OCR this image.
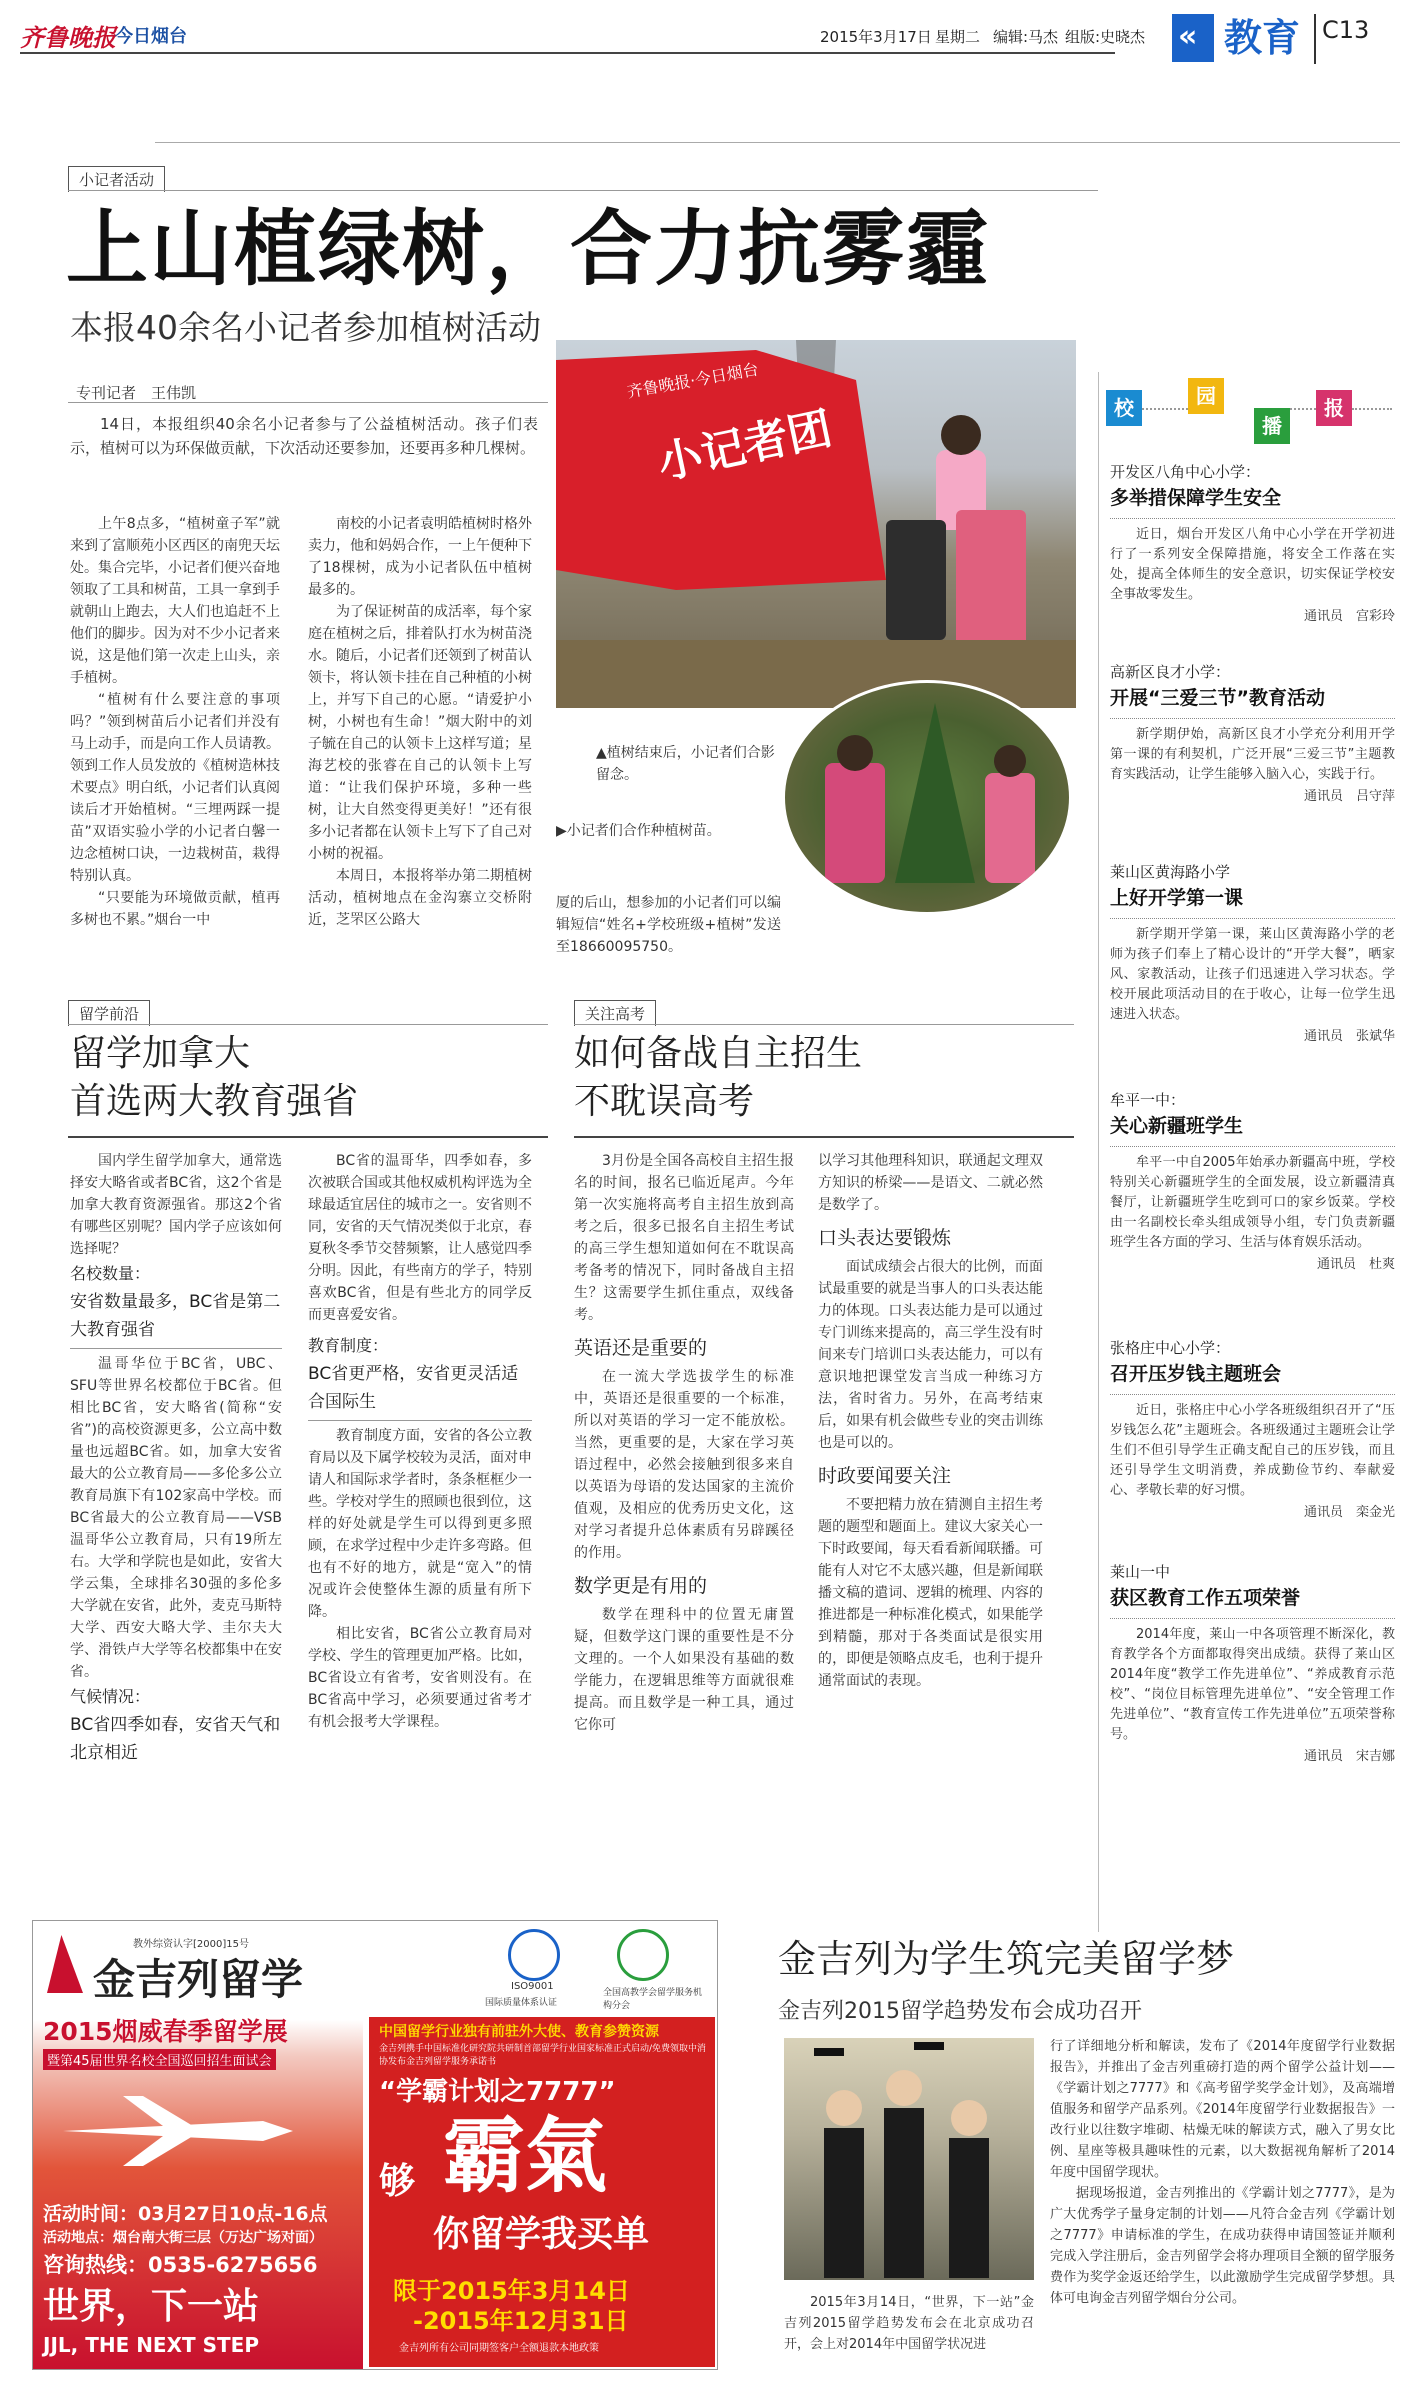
齐鲁晚报 今日烟台	2015年3月17日 星期二 编辑:马杰 组版:史晓杰 « 教育 C13
小记者活动
上山植绿树，合力抗雾霾
本报40余名小记者参加植树活动
专刊记者　王伟凯
14日，本报组织40余名小记者参与了公益植树活动。孩子们表示，植树可以为环保做贡献，下次活动还要参加，还要再多种几棵树。

上午8点多，“植树童子军”就来到了富顺苑小区西区的南兜天坛处。集合完毕，小记者们便兴奋地领取了工具和树苗，工具一拿到手就朝山上跑去，大人们也追赶不上他们的脚步。因为对不少小记者来说，这是他们第一次走上山头，亲手植树。

“植树有什么要注意的事项吗？”领到树苗后小记者们并没有马上动手，而是向工作人员请教。领到工作人员发放的《植树造林技术要点》明白纸，小记者们认真阅读后才开始植树。“三埋两踩一提苗”双语实验小学的小记者白馨一边念植树口诀，一边栽树苗，栽得特别认真。

“只要能为环境做贡献，植再多树也不累。”烟台一中

南校的小记者袁明皓植树时格外卖力，他和妈妈合作，一上午便种下了18棵树，成为小记者队伍中植树最多的。

为了保证树苗的成活率，每个家庭在植树之后，排着队打水为树苗浇水。随后，小记者们还领到了树苗认领卡，将认领卡挂在自己种植的小树上，并写下自己的心愿。“请爱护小树，小树也有生命！”烟大附中的刘子毓在自己的认领卡上这样写道；星海艺校的张睿在自己的认领卡上写道：“让我们保护环境，多种一些树，让大自然变得更美好！”还有很多小记者都在认领卡上写下了自己对小树的祝福。

本周日，本报将举办第二期植树活动，植树地点在金沟寨立交桥附近，芝罘区公路大

齐鲁晚报·今日烟台
小记者团
▲植树结束后，小记者们合影留念。
▶小记者们合作种植树苗。
厦的后山，想参加的小记者们可以编辑短信“姓名+学校班级+植树”发送至18660095750。
校	园
播
报
开发区八角中心小学：
多举措保障学生安全
近日，烟台开发区八角中心小学在开学初进行了一系列安全保障措施，将安全工作落在实处，提高全体师生的安全意识，切实保证学校安全事故零发生。
通讯员　宫彩玲
高新区良才小学：
开展“三爱三节”教育活动
新学期伊始，高新区良才小学充分利用开学第一课的有利契机，广泛开展“三爱三节”主题教育实践活动，让学生能够入脑入心，实践于行。
通讯员　吕守萍
莱山区黄海路小学
上好开学第一课
新学期开学第一课，莱山区黄海路小学的老师为孩子们奉上了精心设计的“开学大餐”，晒家风、家教活动，让孩子们迅速进入学习状态。学校开展此项活动目的在于收心，让每一位学生迅速进入状态。
通讯员　张斌华
牟平一中：
关心新疆班学生
牟平一中自2005年始承办新疆高中班，学校特别关心新疆班学生的全面发展，设立新疆清真餐厅，让新疆班学生吃到可口的家乡饭菜。学校由一名副校长牵头组成领导小组，专门负责新疆班学生各方面的学习、生活与体育娱乐活动。
通讯员　杜爽
张格庄中心小学：
召开压岁钱主题班会
近日，张格庄中心小学各班级组织召开了“压岁钱怎么花”主题班会。各班级通过主题班会让学生们不但引导学生正确支配自己的压岁钱，而且还引导学生文明消费，养成勤俭节约、奉献爱心、孝敬长辈的好习惯。
通讯员　栾金光
莱山一中
获区教育工作五项荣誉
2014年度，莱山一中各项管理不断深化，教育教学各个方面都取得突出成绩。获得了莱山区2014年度“教学工作先进单位”、“养成教育示范校”、“岗位目标管理先进单位”、“安全管理工作先进单位”、“教育宣传工作先进单位”五项荣誉称号。
通讯员　宋吉娜
留学前沿
留学加拿大
首选两大教育强省

国内学生留学加拿大，通常选择安大略省或者BC省，这2个省是加拿大教育资源强省。那这2个省有哪些区别呢？国内学子应该如何选择呢？

名校数量：
安省数量最多，BC省是第二大教育强省

温哥华位于BC省，UBC、SFU等世界名校都位于BC省。但相比BC省，安大略省(简称“安省”)的高校资源更多，公立高中数量也远超BC省。如，加拿大安省最大的公立教育局——多伦多公立教育局旗下有102家高中学校。而BC省最大的公立教育局——VSB温哥华公立教育局，只有19所左右。大学和学院也是如此，安省大学云集，全球排名30强的多伦多大学就在安省，此外，麦克马斯特大学、西安大略大学、圭尔夫大学、滑铁卢大学等名校都集中在安省。

气候情况：
BC省四季如春，安省天气和北京相近

BC省的温哥华，四季如春，多次被联合国或其他权威机构评选为全球最适宜居住的城市之一。安省则不同，安省的天气情况类似于北京，春夏秋冬季节交替频繁，让人感觉四季分明。因此，有些南方的学子，特别喜欢BC省，但是有些北方的同学反而更喜爱安省。

教育制度：
BC省更严格，安省更灵活适合国际生

教育制度方面，安省的各公立教育局以及下属学校较为灵活，面对申请人和国际求学者时，条条框框少一些。学校对学生的照顾也很到位，这样的好处就是学生可以得到更多照顾，在求学过程中少走许多弯路。但也有不好的地方，就是“宽入”的情况或许会使整体生源的质量有所下降。

相比安省，BC省公立教育局对学校、学生的管理更加严格。比如，BC省设立有省考，安省则没有。在BC省高中学习，必须要通过省考才有机会报考大学课程。

关注高考
如何备战自主招生
不耽误高考

3月份是全国各高校自主招生报名的时间，报名已临近尾声。今年第一次实施将高考自主招生放到高考之后，很多已报名自主招生考试的高三学生想知道如何在不耽误高考备考的情况下，同时备战自主招生？这需要学生抓住重点，双线备考。

英语还是重要的

在一流大学选拔学生的标准中，英语还是很重要的一个标准，所以对英语的学习一定不能放松。当然，更重要的是，大家在学习英语过程中，必然会接触到很多来自以英语为母语的发达国家的主流价值观，及相应的优秀历史文化，这对学习者提升总体素质有另辟蹊径的作用。

数学更是有用的

数学在理科中的位置无庸置疑，但数学这门课的重要性是不分文理的。一个人如果没有基础的数学能力，在逻辑思维等方面就很难提高。而且数学是一种工具，通过它你可

以学习其他理科知识，联通起文理双方知识的桥梁——是语文、二就必然是数学了。

口头表达要锻炼

面试成绩会占很大的比例，而面试最重要的就是当事人的口头表达能力的体现。口头表达能力是可以通过专门训练来提高的，高三学生没有时间来专门培训口头表达能力，可以有意识地把课堂发言当成一种练习方法，省时省力。另外，在高考结束后，如果有机会做些专业的突击训练也是可以的。

时政要闻要关注

不要把精力放在猜测自主招生考题的题型和题面上。建议大家关心一下时政要闻，每天看看新闻联播。可能有人对它不太感兴趣，但是新闻联播文稿的遣词、逻辑的梳理、内容的推进都是一种标准化模式，如果能学到精髓，那对于各类面试是很实用的，即便是领略点皮毛，也利于提升通常面试的表现。

教外综资认字[2000]15号
金吉列留学
2015烟威春季留学展
暨第45届世界名校全国巡回招生面试会
活动时间：03月27日10点-16点
活动地点：烟台南大街三层（万达广场对面）
咨询热线：0535-6275656
世界，下一站
JJL, THE NEXT STEP
ISO9001
国际质量体系认证
全国高教学会留学服务机构分会
中国留学行业独有前驻外大使、教育参赞资源
金吉列携手中国标准化研究院共研制首部留学行业国家标准正式启动/免费领取中消协发布金吉列留学服务承诺书
“学霸计划之7777”
够 霸氣
你留学我买单
限于2015年3月14日
-2015年12月31日
金吉列所有公司同期签客户全额退款本地政策
金吉列为学生筑完美留学梦
金吉列2015留学趋势发布会成功召开
2015年3月14日，“世界，下一站”金吉列2015留学趋势发布会在北京成功召开，会上对2014年中国留学状况进

行了详细地分析和解读，发布了《2014年度留学行业数据报告》，并推出了金吉列重磅打造的两个留学公益计划——《学霸计划之7777》和《高考留学奖学金计划》，及高端增值服务和留学产品系列。《2014年度留学行业数据报告》一改行业以往数字堆砌、枯燥无味的解读方式，融入了男女比例、星座等极具趣味性的元素，以大数据视角解析了2014年度中国留学现状。

据现场报道，金吉列推出的《学霸计划之7777》，是为广大优秀学子量身定制的计划——凡符合金吉列《学霸计划之7777》申请标准的学生，在成功获得申请国签证并顺利完成入学注册后，金吉列留学会将办理项目全额的留学服务费作为奖学金返还给学生，以此激励学生完成留学梦想。具体可电询金吉列留学烟台分公司。
